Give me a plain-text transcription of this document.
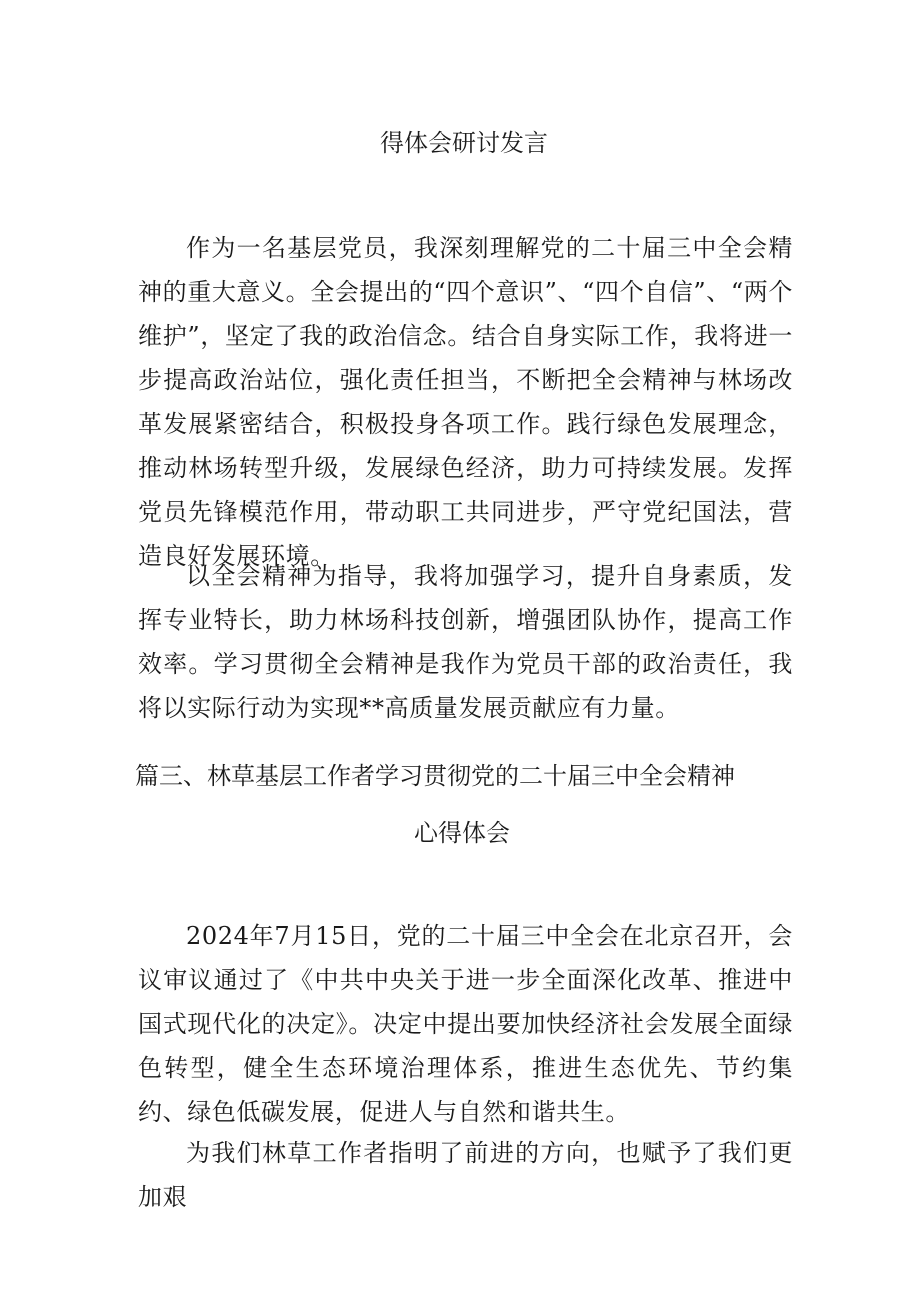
得体会研讨发言

作为一名基层党员，我深刻理解党的二十届三中全会精神的重大意义。全会提出的“四个意识”、“四个自信”、“两个维护”，坚定了我的政治信念。结合自身实际工作，我将进一步提高政治站位，强化责任担当，不断把全会精神与林场改革发展紧密结合，积极投身各项工作。践行绿色发展理念，推动林场转型升级，发展绿色经济，助力可持续发展。发挥党员先锋模范作用，带动职工共同进步，严守党纪国法，营造良好发展环境。

以全会精神为指导，我将加强学习，提升自身素质，发挥专业特长，助力林场科技创新，增强团队协作，提高工作效率。学习贯彻全会精神是我作为党员干部的政治责任，我将以实际行动为实现**高质量发展贡献应有力量。

篇三、林草基层工作者学习贯彻党的二十届三中全会精神
心得体会

2024年7月15日，党的二十届三中全会在北京召开，会议审议通过了《中共中央关于进一步全面深化改革、推进中国式现代化的决定》。决定中提出要加快经济社会发展全面绿色转型，健全生态环境治理体系，推进生态优先、节约集约、绿色低碳发展，促进人与自然和谐共生。

为我们林草工作者指明了前进的方向，也赋予了我们更加艰
